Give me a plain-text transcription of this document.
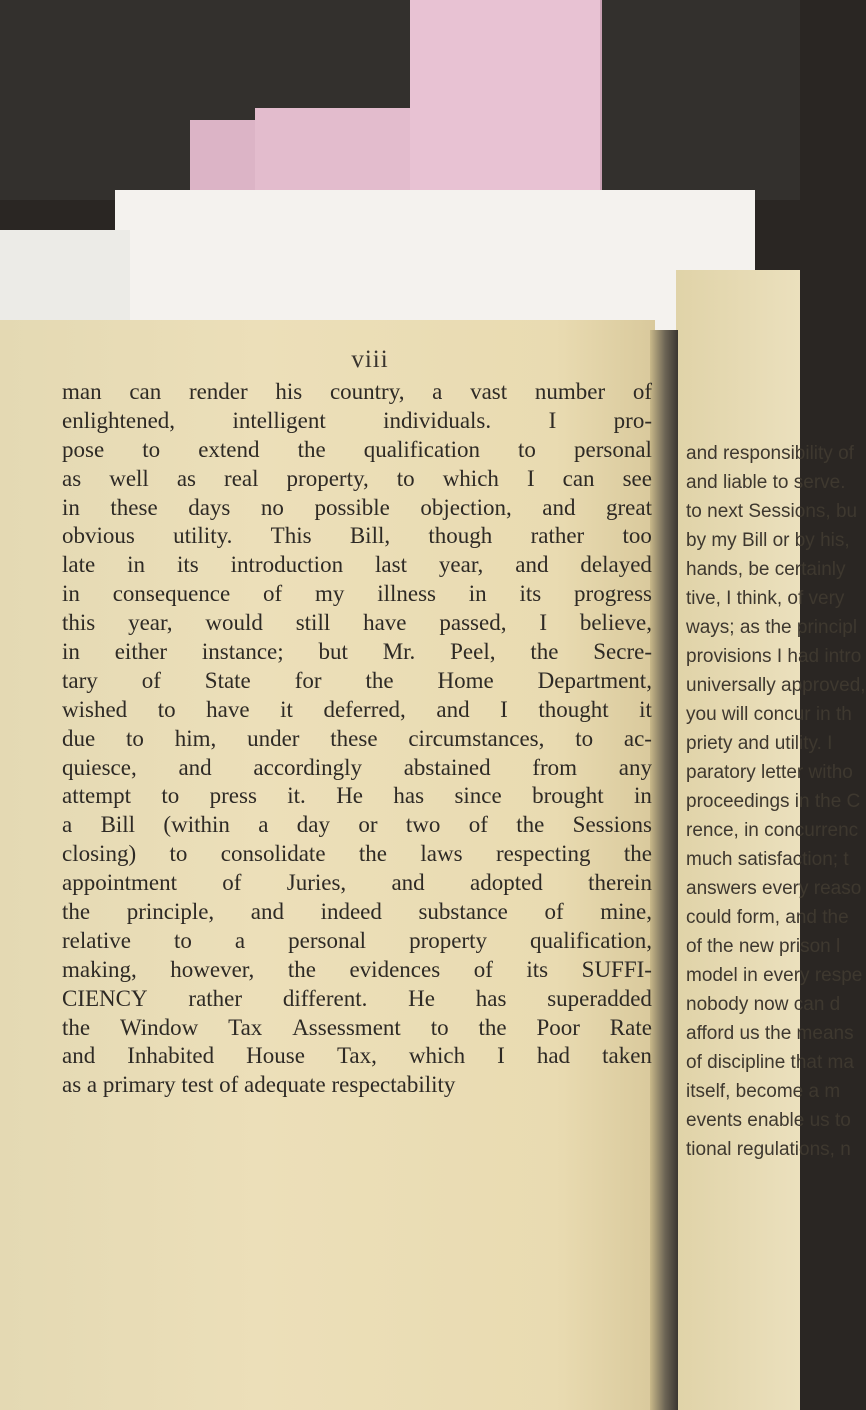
viii
man can render his country, a vast number of
enlightened, intelligent individuals. I pro-
pose to extend the qualification to personal
as well as real property, to which I can see
in these days no possible objection, and great
obvious utility. This Bill, though rather too
late in its introduction last year, and delayed
in consequence of my illness in its progress
this year, would still have passed, I believe,
in either instance; but Mr. Peel, the Secre-
tary of State for the Home Department,
wished to have it deferred, and I thought it
due to him, under these circumstances, to ac-
quiesce, and accordingly abstained from any
attempt to press it. He has since brought in
a Bill (within a day or two of the Sessions
closing) to consolidate the laws respecting the
appointment of Juries, and adopted therein
the principle, and indeed substance of mine,
relative to a personal property qualification,
making, however, the evidences of its SUFFI-
CIENCY rather different. He has superadded
the Window Tax Assessment to the Poor Rate
and Inhabited House Tax, which I had taken
as a primary test of adequate respectability
and responsibility of
and liable to serve.
to next Sessions, bu
by my Bill or by his,
hands, be certainly
tive, I think, of very
ways; as the principl
provisions I had intro
universally approved,
you will concur in th
priety and utility. I
paratory letter witho
proceedings in the C
rence, in concurrenc
much satisfaction; t
answers every reaso
could form, and the
of the new prison l
model in every respe
nobody now can d
afford us the means
of discipline that ma
itself, become a m
events enable us to
tional regulations, n
